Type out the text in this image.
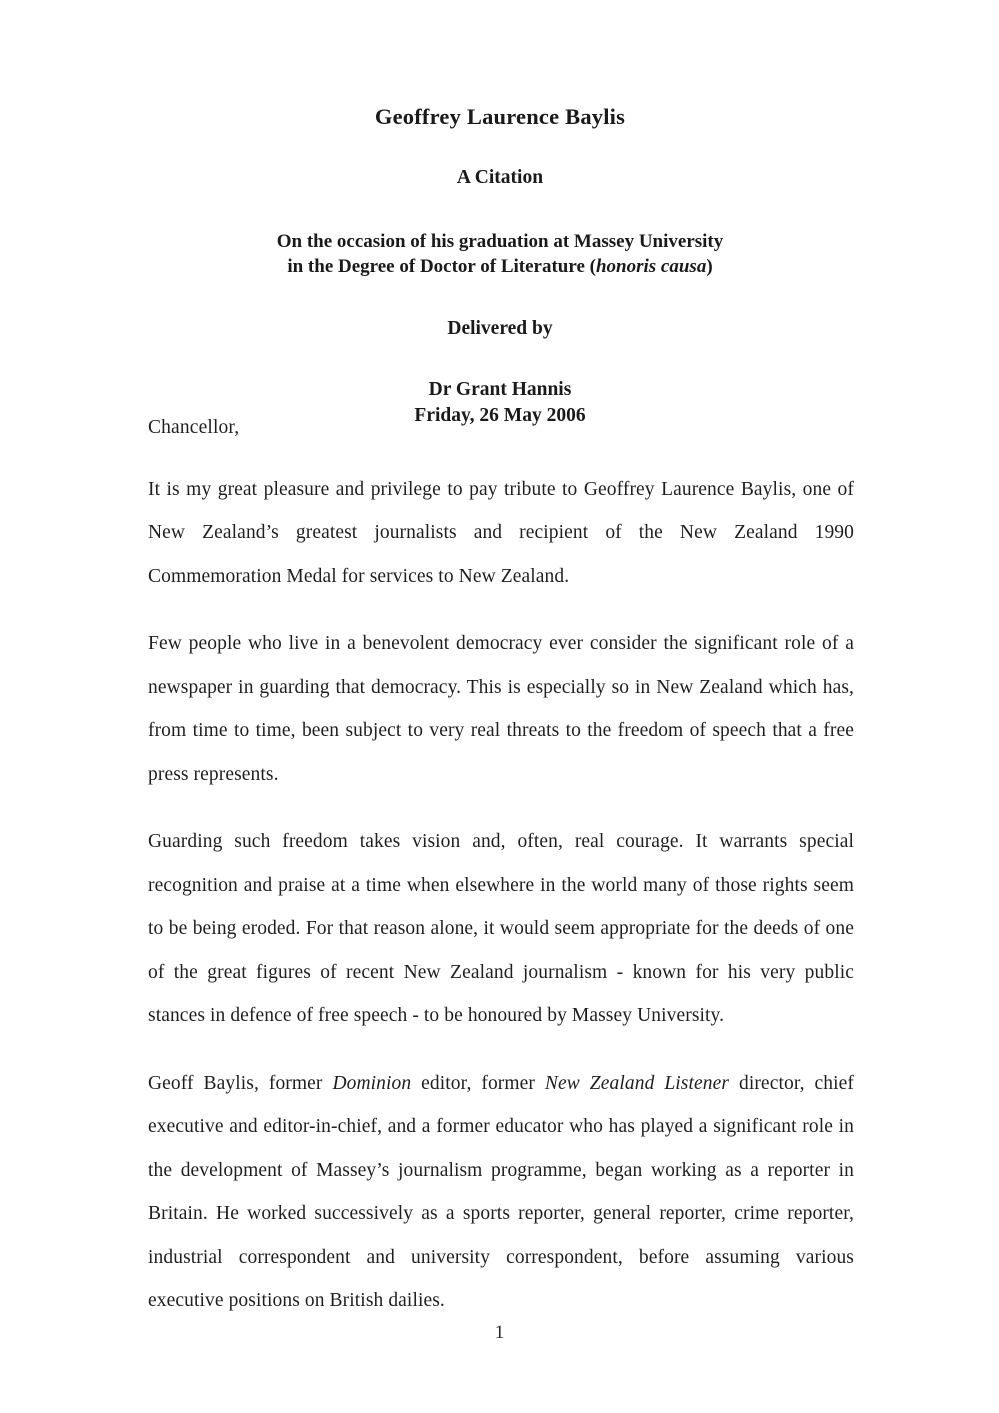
Geoffrey Laurence Baylis
A Citation
On the occasion of his graduation at Massey University
in the Degree of Doctor of Literature (honoris causa)
Delivered by
Dr Grant Hannis
Friday, 26 May 2006
Chancellor,

It is my great pleasure and privilege to pay tribute to Geoffrey Laurence Baylis, one of New Zealand’s greatest journalists and recipient of the New Zealand 1990 Commemoration Medal for services to New Zealand.

Few people who live in a benevolent democracy ever consider the significant role of a newspaper in guarding that democracy. This is especially so in New Zealand which has, from time to time, been subject to very real threats to the freedom of speech that a free press represents.

Guarding such freedom takes vision and, often, real courage. It warrants special recognition and praise at a time when elsewhere in the world many of those rights seem to be being eroded. For that reason alone, it would seem appropriate for the deeds of one of the great figures of recent New Zealand journalism - known for his very public stances in defence of free speech - to be honoured by Massey University.

Geoff Baylis, former Dominion editor, former New Zealand Listener director, chief executive and editor-in-chief, and a former educator who has played a significant role in the development of Massey’s journalism programme, began working as a reporter in Britain. He worked successively as a sports reporter, general reporter, crime reporter, industrial correspondent and university correspondent, before assuming various executive positions on British dailies.

1
